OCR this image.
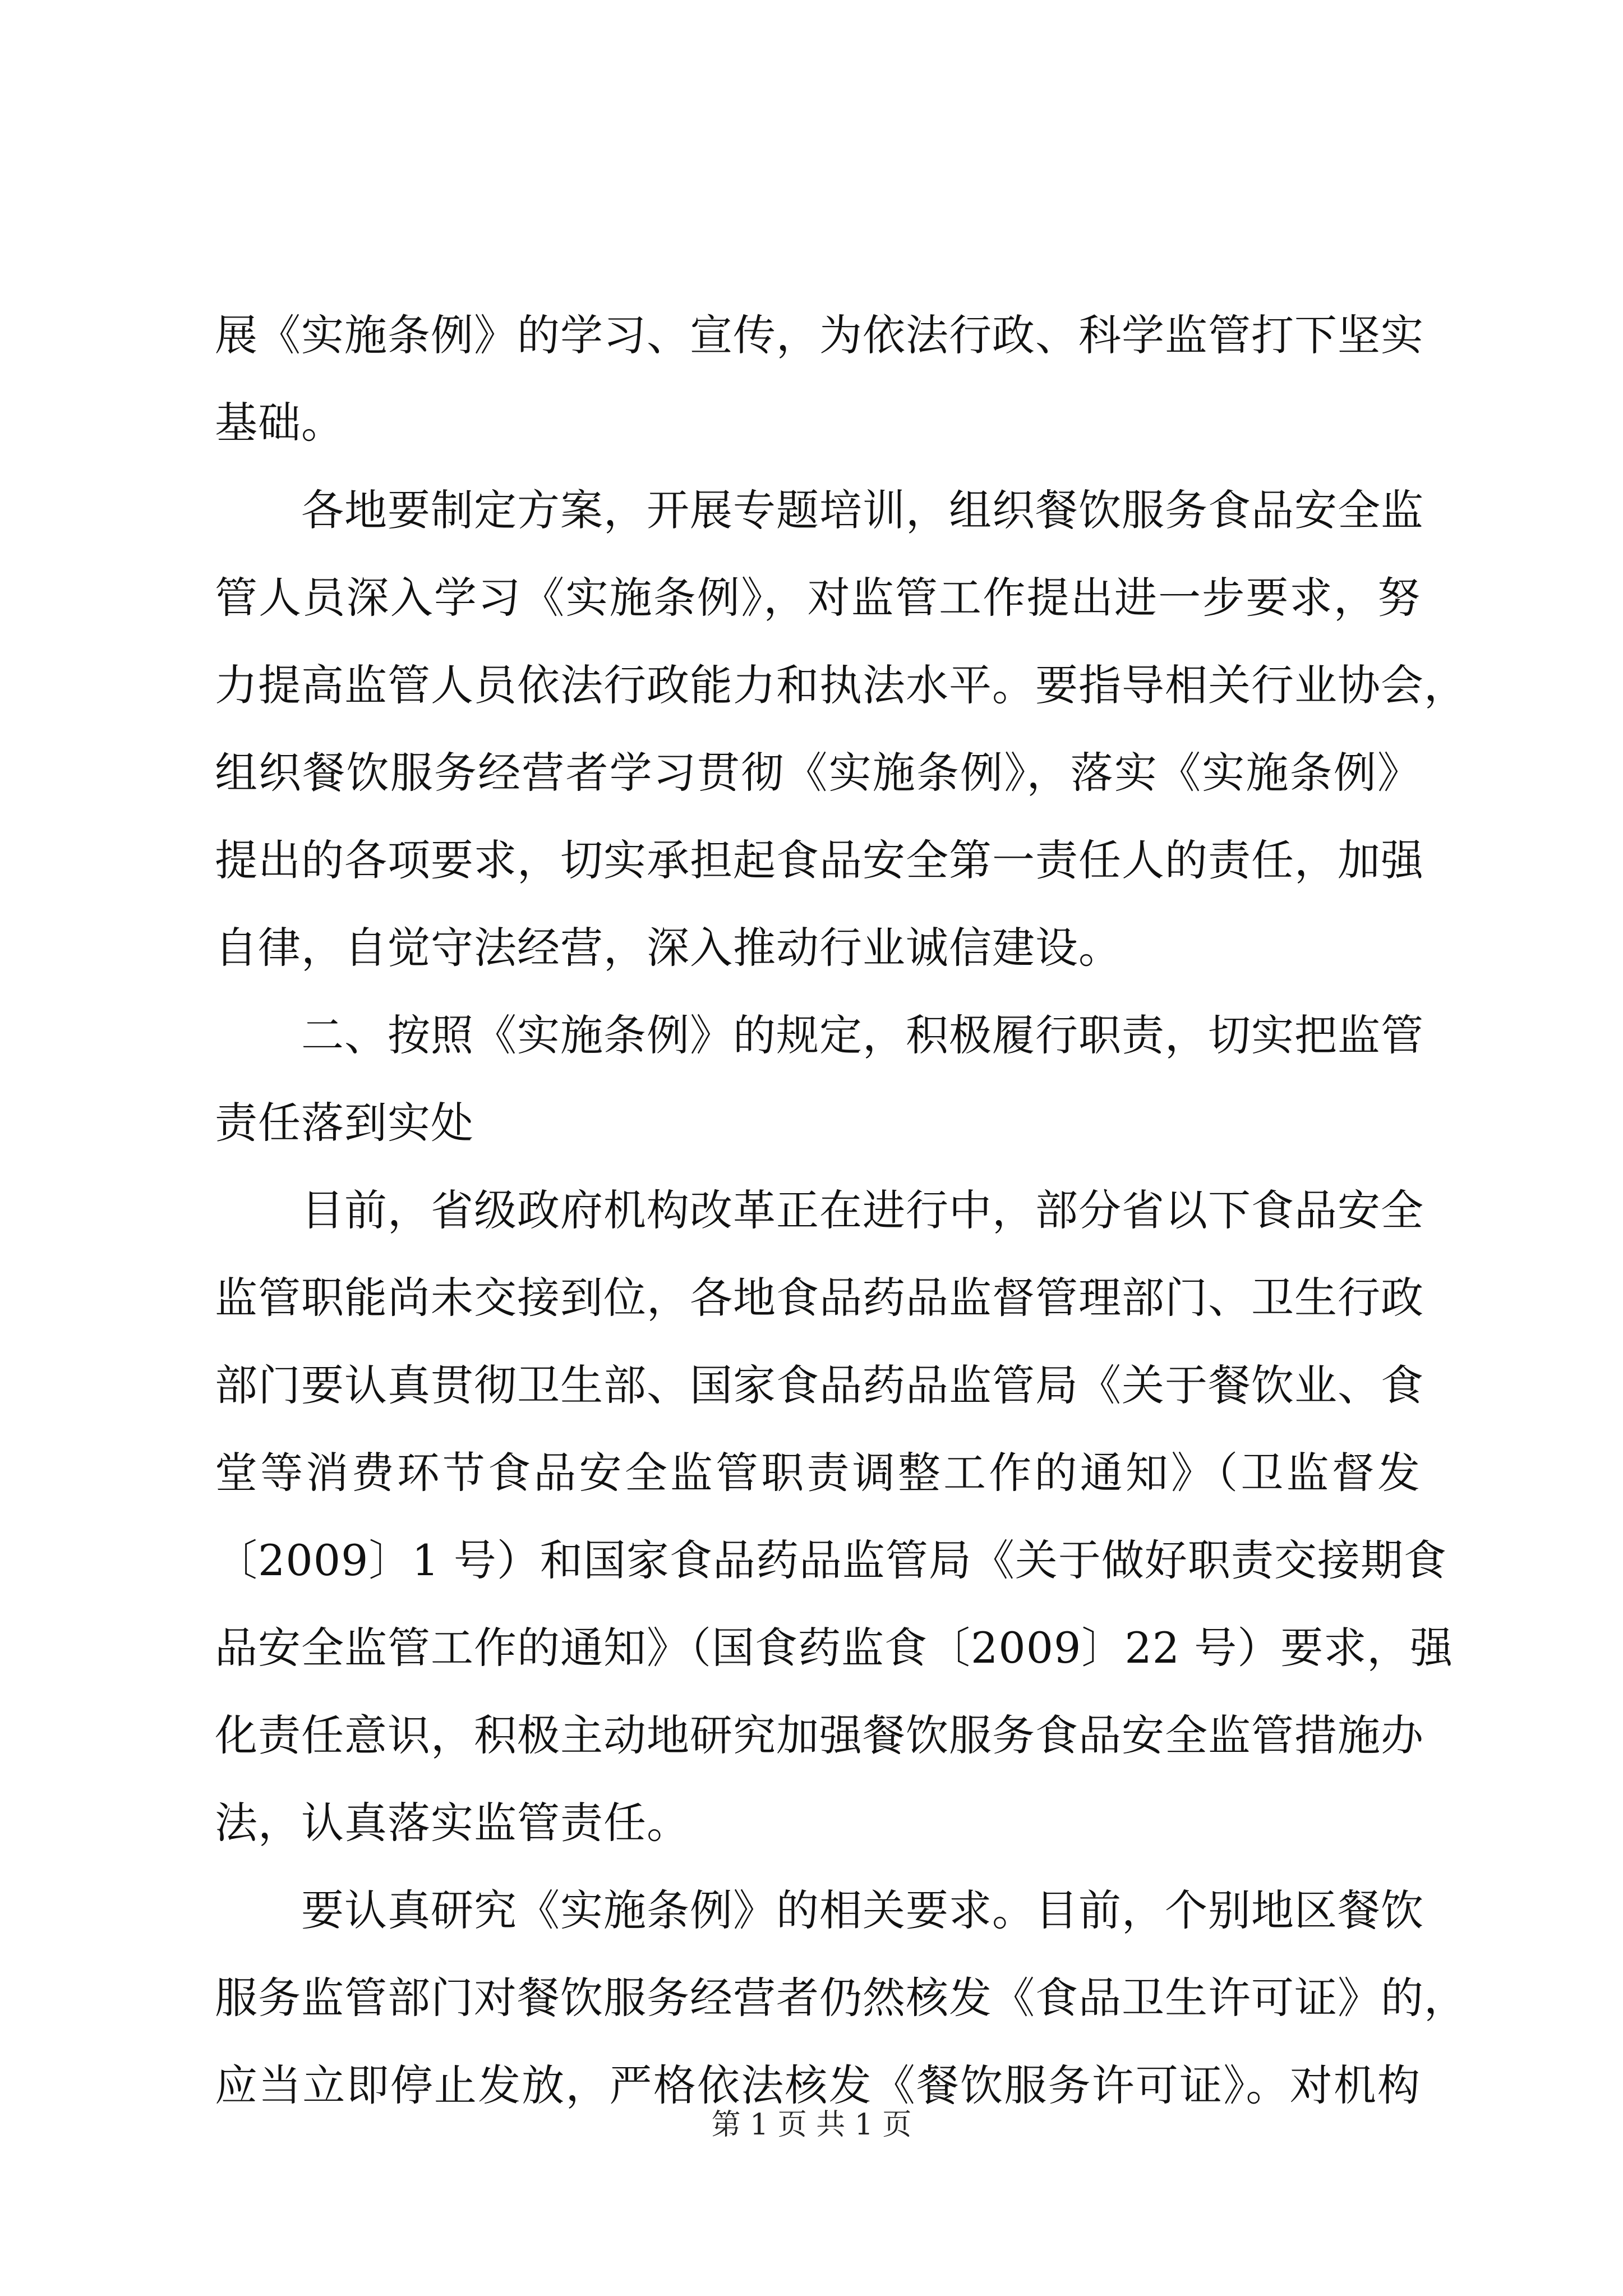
展《实施条例》的学习、宣传，为依法行政、科学监管打下坚实
基础。
各地要制定方案，开展专题培训，组织餐饮服务食品安全监
管人员深入学习《实施条例》，对监管工作提出进一步要求，努
力提高监管人员依法行政能力和执法水平。要指导相关行业协会，
组织餐饮服务经营者学习贯彻《实施条例》，落实《实施条例》
提出的各项要求，切实承担起食品安全第一责任人的责任，加强
自律，自觉守法经营，深入推动行业诚信建设。
二、按照《实施条例》的规定，积极履行职责，切实把监管
责任落到实处
目前，省级政府机构改革正在进行中，部分省以下食品安全
监管职能尚未交接到位，各地食品药品监督管理部门、卫生行政
部门要认真贯彻卫生部、国家食品药品监管局《关于餐饮业、食
堂等消费环节食品安全监管职责调整工作的通知》（卫监督发
〔2009〕1 号）和国家食品药品监管局《关于做好职责交接期食
品安全监管工作的通知》（国食药监食〔2009〕22 号）要求，强
化责任意识，积极主动地研究加强餐饮服务食品安全监管措施办
法，认真落实监管责任。
要认真研究《实施条例》的相关要求。目前，个别地区餐饮
服务监管部门对餐饮服务经营者仍然核发《食品卫生许可证》的，
应当立即停止发放，严格依法核发《餐饮服务许可证》。对机构
第 1 页 共 1 页
